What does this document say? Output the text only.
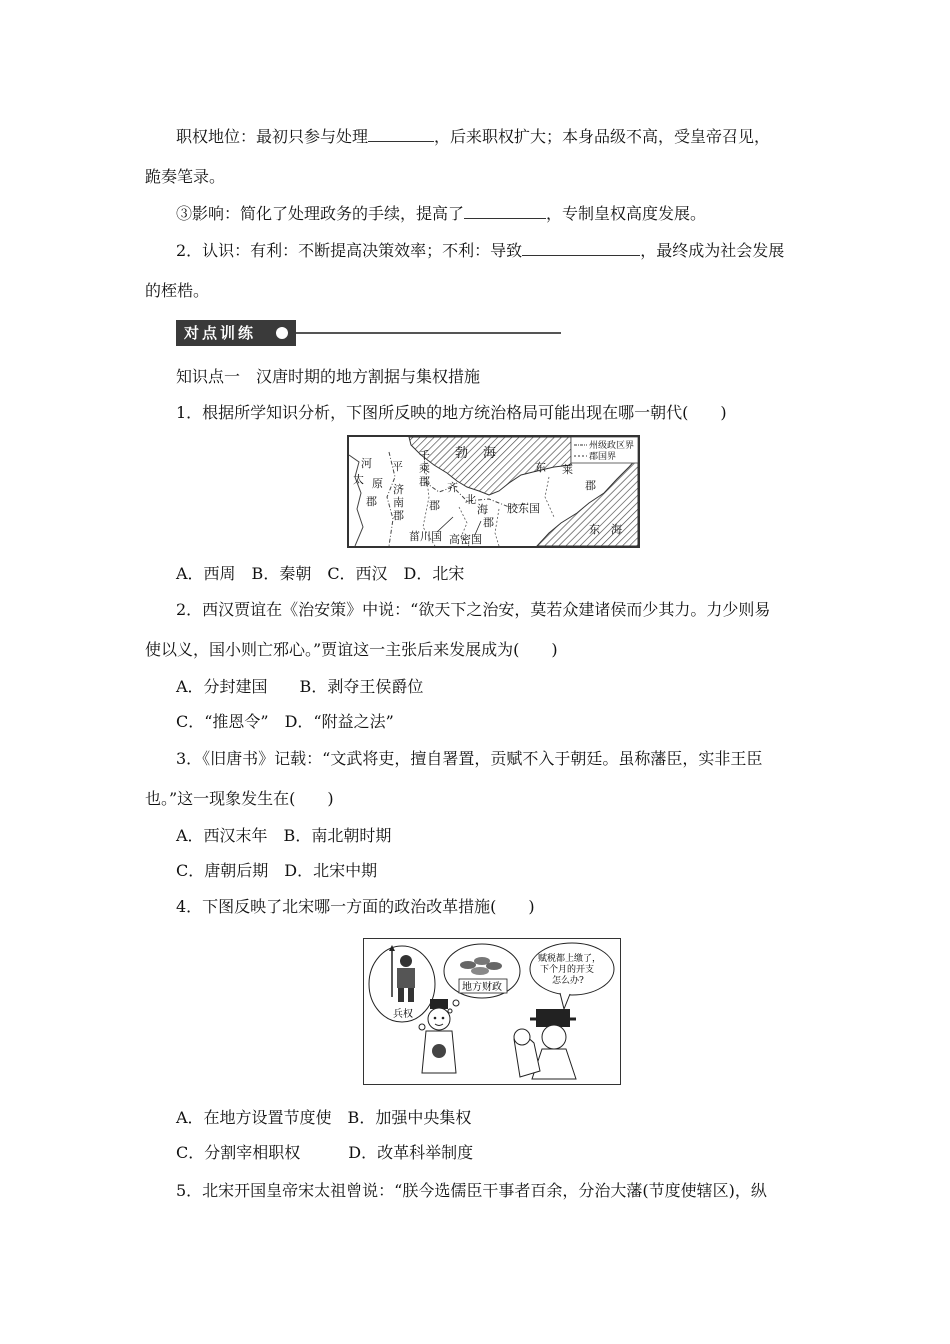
职权地位：最初只参与处理	，后来职权扩大；本身品级不高，受皇帝召见，
跪奏笔录。
③影响：简化了处理政务的手续，提高了	，专制皇权高度发展。
2．认识：有利：不断提高决策效率；不利：导致	，最终成为社会发展
的桎梏。
对点训练
知识点一　汉唐时期的地方割据与集权措施
1．根据所学知识分析，下图所反映的地方统治格局可能出现在哪一朝代(　　)
州级政区界
郡国界
河 平
千
乘
郡
勃 海
东 莱
郡
太 原
郡
济
南
郡
齐
郡 北
海
郡
胶东国
菑川国 高密国
东　海
A．西周　B．秦朝　C．西汉　D．北宋
2．西汉贾谊在《治安策》中说：“欲天下之治安，莫若众建诸侯而少其力。力少则易
使以义，国小则亡邪心。”贾谊这一主张后来发展成为(　　)
A．分封建国　　B．剥夺王侯爵位
C．“推恩令”　D．“附益之法”
3．《旧唐书》记载：“文武将吏，擅自署置，贡赋不入于朝廷。虽称藩臣，实非王臣
也。”这一现象发生在(　　)
A．西汉末年　B．南北朝时期
C．唐朝后期　D．北宋中期
4．下图反映了北宋哪一方面的政治改革措施(　　)
兵权
地方财政
赋税都上缴了，
下个月的开支
怎么办?
A．在地方设置节度使　B．加强中央集权
C．分割宰相职权　　　D．改革科举制度
5．北宋开国皇帝宋太祖曾说：“朕今选儒臣干事者百余，分治大藩(节度使辖区)，纵
